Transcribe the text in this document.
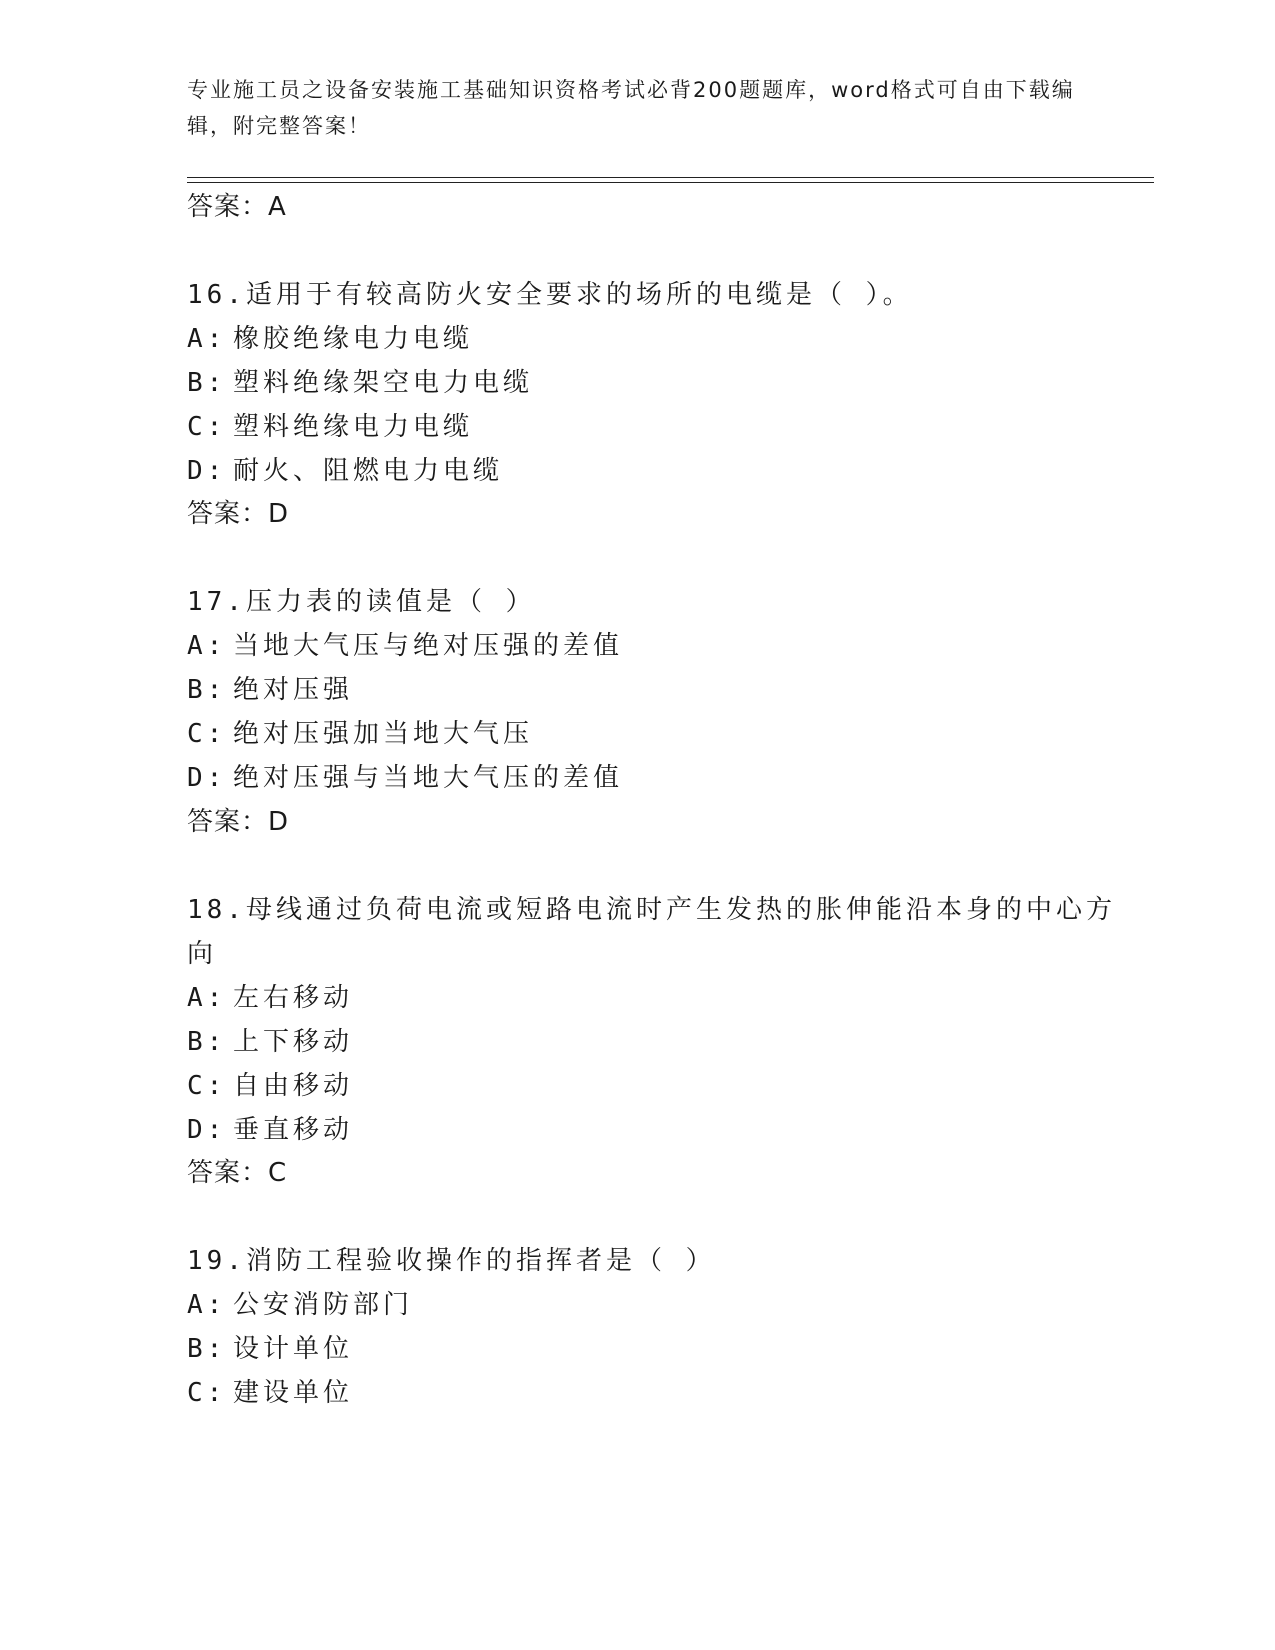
专业施工员之设备安装施工基础知识资格考试必背200题题库，word格式可自由下载编辑，附完整答案！
答案：A
16.适用于有较高防火安全要求的场所的电缆是（ ）。
A: 橡胶绝缘电力电缆
B: 塑料绝缘架空电力电缆
C: 塑料绝缘电力电缆
D: 耐火、阻燃电力电缆
答案：D
17.压力表的读值是（ ）
A: 当地大气压与绝对压强的差值
B: 绝对压强
C: 绝对压强加当地大气压
D: 绝对压强与当地大气压的差值
答案：D
18.母线通过负荷电流或短路电流时产生发热的胀伸能沿本身的中心方
向
A: 左右移动
B: 上下移动
C: 自由移动
D: 垂直移动
答案：C
19.消防工程验收操作的指挥者是（ ）
A: 公安消防部门
B: 设计单位
C: 建设单位
